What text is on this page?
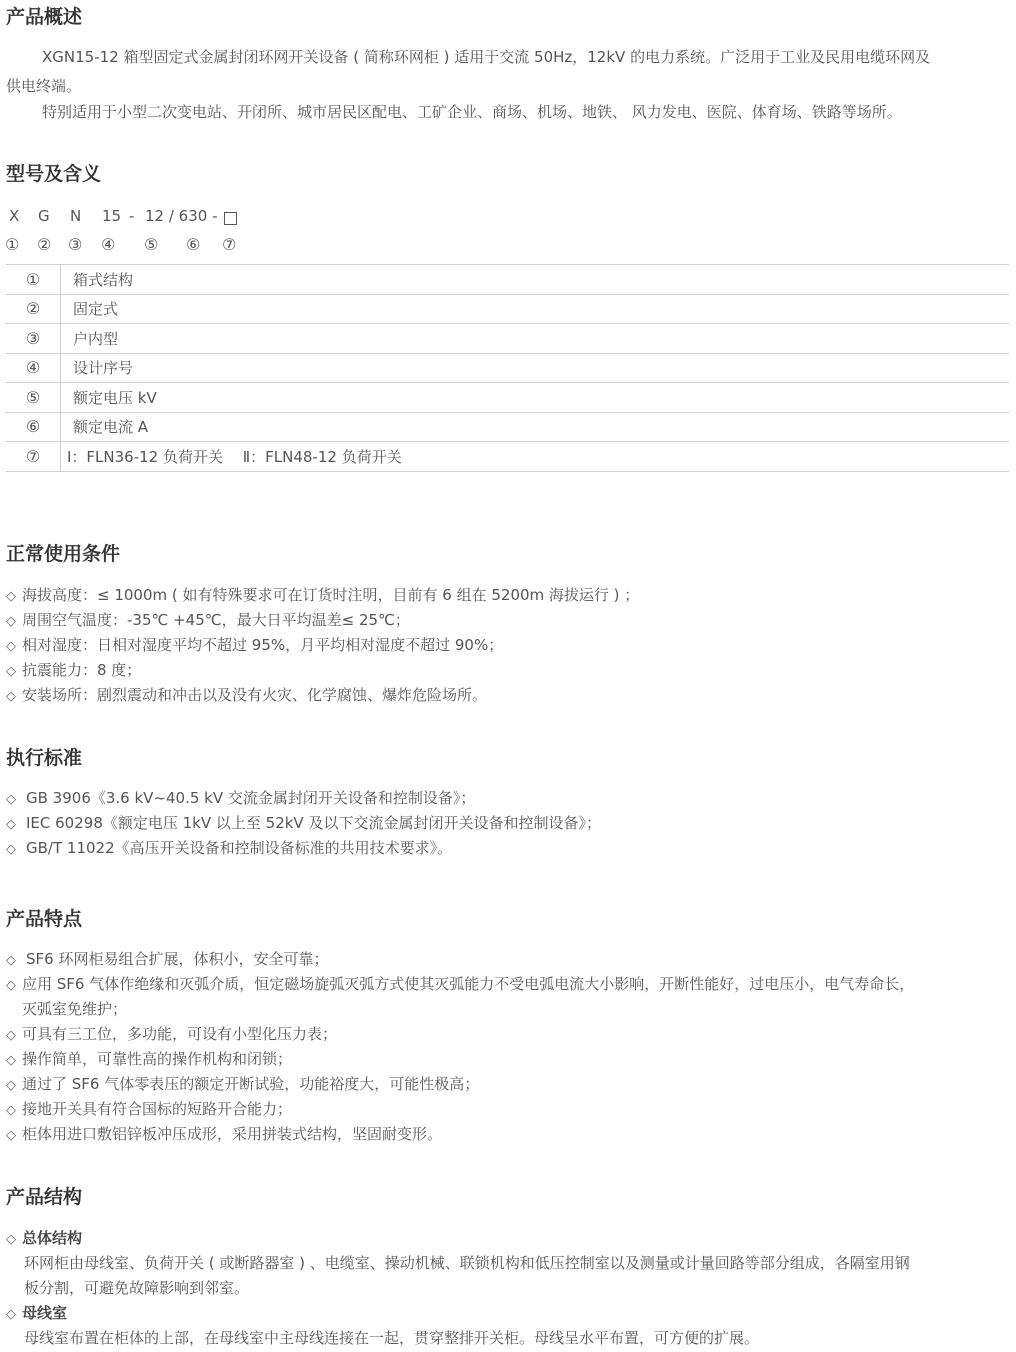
产品概述
XGN15-12 箱型固定式金属封闭环网开关设备 ( 简称环网柜 ) 适用于交流 50Hz，12kV 的电力系统。广泛用于工业及民用电缆环网及
供电终端。
特别适用于小型二次变电站、开闭所、城市居民区配电、工矿企业、商场、机场、地铁、 风力发电、医院、体育场、铁路等场所。
型号及含义
X G N 15 - 12 / 630 -
① ② ③ ④ ⑤ ⑥ ⑦
①	箱式结构
②	固定式
③	户内型
④	设计序号
⑤	额定电压 kV
⑥	额定电流 A
⑦	Ⅰ：FLN36-12 负荷开关 　Ⅱ：FLN48-12 负荷开关
正常使用条件
◇ 海拔高度：≤ 1000m ( 如有特殊要求可在订货时注明，目前有 6 组在 5200m 海拔运行 ) ；
◇ 周围空气温度：-35℃ +45℃，最大日平均温差≤ 25℃；
◇ 相对湿度：日相对湿度平均不超过 95%，月平均相对湿度不超过 90%；
◇ 抗震能力：8 度；
◇ 安装场所：剧烈震动和冲击以及没有火灾、化学腐蚀、爆炸危险场所。
执行标准
◇ GB 3906《3.6 kV~40.5 kV 交流金属封闭开关设备和控制设备》；
◇ IEC 60298《额定电压 1kV 以上至 52kV 及以下交流金属封闭开关设备和控制设备》；
◇ GB/T 11022《高压开关设备和控制设备标准的共用技术要求》。
产品特点
◇ SF6 环网柜易组合扩展，体积小，安全可靠；
◇ 应用 SF6 气体作绝缘和灭弧介质，恒定磁场旋弧灭弧方式使其灭弧能力不受电弧电流大小影响，开断性能好，过电压小，电气寿命长，
灭弧室免维护；
◇ 可具有三工位，多功能，可设有小型化压力表；
◇ 操作简单，可靠性高的操作机构和闭锁；
◇ 通过了 SF6 气体零表压的额定开断试验，功能裕度大，可能性极高；
◇ 接地开关具有符合国标的短路开合能力；
◇ 柜体用进口敷铝锌板冲压成形，采用拼装式结构，坚固耐变形。
产品结构
◇ 总体结构
环网柜由母线室、负荷开关 ( 或断路器室 ) 、电缆室、操动机械、联锁机构和低压控制室以及测量或计量回路等部分组成，各隔室用钢
板分割，可避免故障影响到邻室。
◇ 母线室
母线室布置在柜体的上部，在母线室中主母线连接在一起，贯穿整排开关柜。母线呈水平布置，可方便的扩展。
